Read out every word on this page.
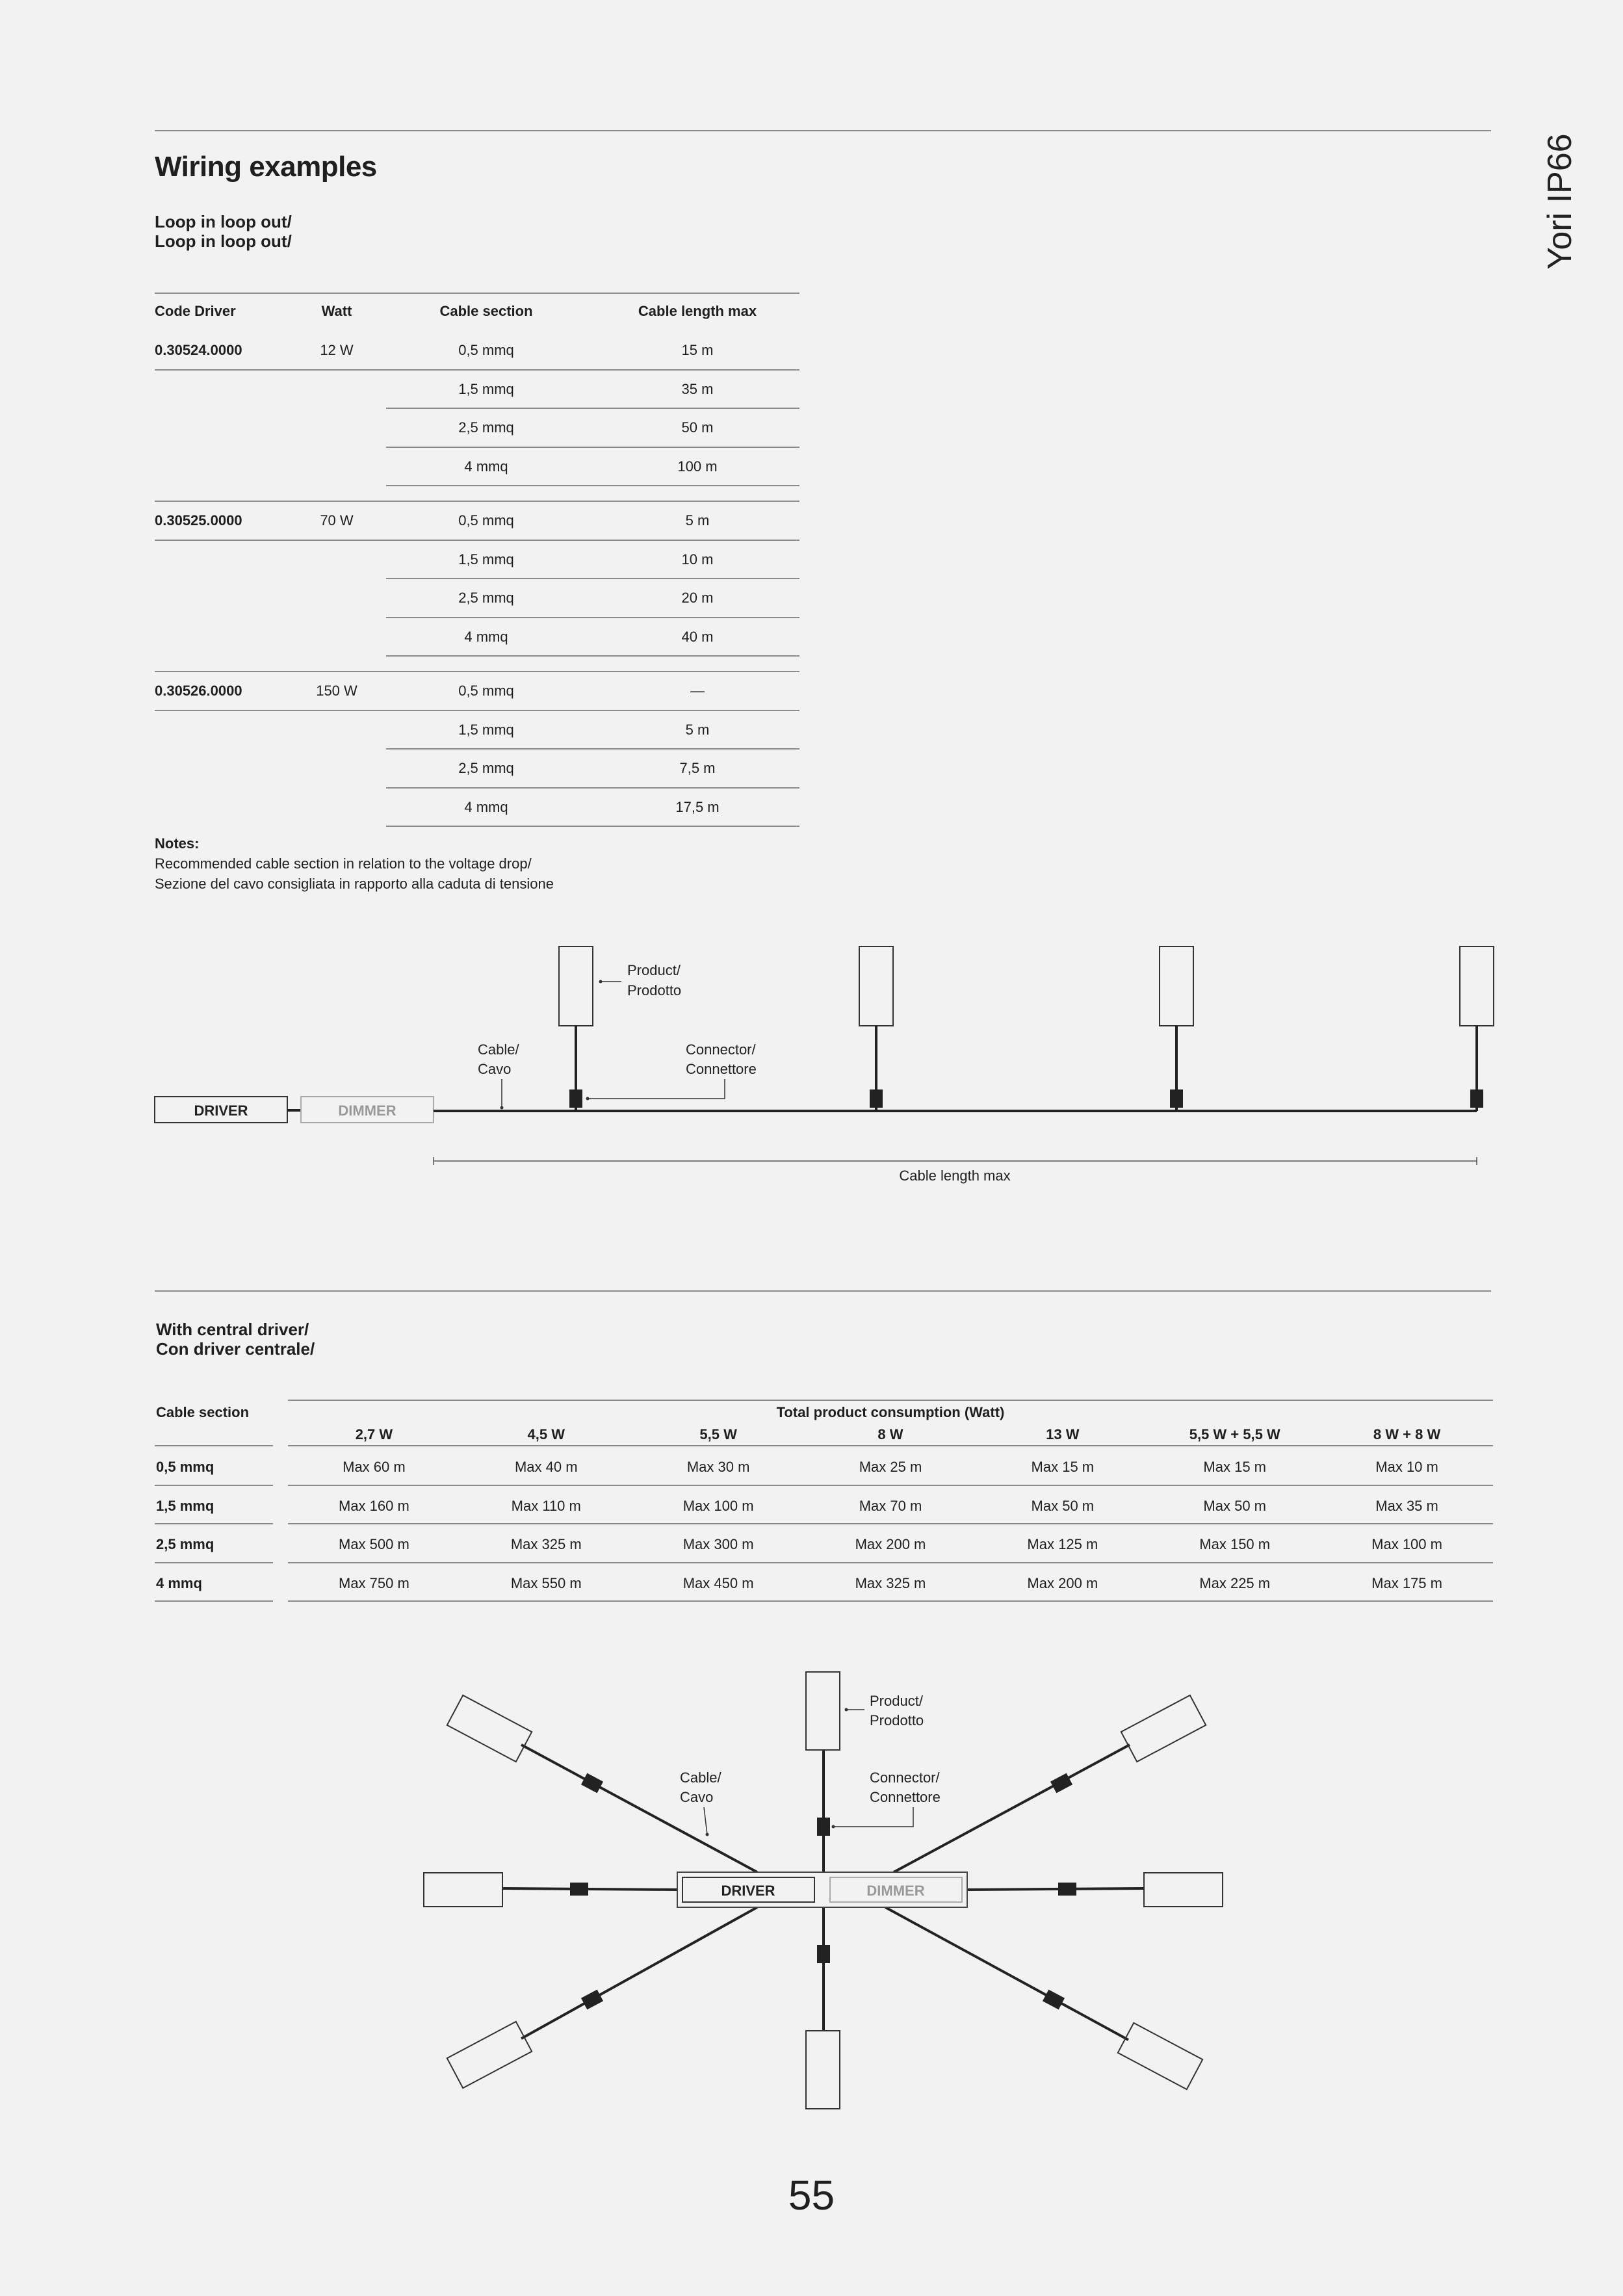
Yori IP66
Wiring examples
Loop in loop out/
Loop in loop out/
Code Driver	Watt	Cable section	Cable length max
0.30524.0000	12 W	0,5 mmq	15 m
1,5 mmq	35 m
2,5 mmq	50 m
4 mmq	100 m
0.30525.0000	70 W	0,5 mmq	5 m
1,5 mmq	10 m
2,5 mmq	20 m
4 mmq	40 m
0.30526.0000	150 W	0,5 mmq	—
1,5 mmq	5 m
2,5 mmq	7,5 m
4 mmq	17,5 m
Notes:
Recommended cable section in relation to the voltage drop/
Sezione del cavo consigliata in rapporto alla caduta di tensione
DRIVER	DIMMER
Product/ Prodotto
Cable/ Cavo
Connector/ Connettore
Cable length max
With central driver/
Con driver centrale/
Cable section	Total product consumption (Watt)
2,7 W	4,5 W	5,5 W	8 W	13 W	5,5 W + 5,5 W	8 W + 8 W
0,5 mmq	Max 60 m	Max 40 m	Max 30 m	Max 25 m	Max 15 m	Max 15 m	Max 10 m
1,5 mmq	Max 160 m	Max 110 m	Max 100 m	Max 70 m	Max 50 m	Max 50 m	Max 35 m
2,5 mmq	Max 500 m	Max 325 m	Max 300 m	Max 200 m	Max 125 m	Max 150 m	Max 100 m
4 mmq	Max 750 m	Max 550 m	Max 450 m	Max 325 m	Max 200 m	Max 225 m	Max 175 m
DRIVER	DIMMER
Product/ Prodotto
Cable/ Cavo
Connector/ Connettore
55
